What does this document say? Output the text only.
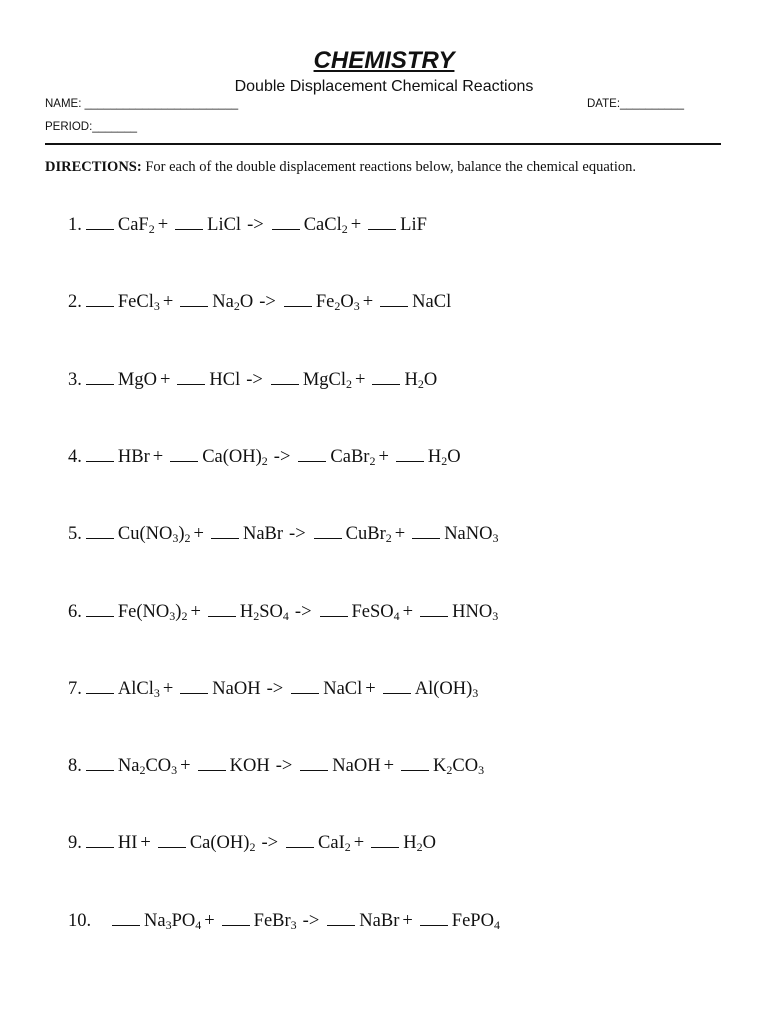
CHEMISTRY
Double Displacement Chemical Reactions
NAME: ________________________	DATE:__________
PERIOD:_______
DIRECTIONS: For each of the double displacement reactions below, balance the chemical equation.
1. CaF$_2$ + LiCl -> CaCl$_2$ + LiF
2. FeCl$_3$ + $Na_2O -> Fe_2O_3$ + NaCl
3. MgO + HCl -> MgCl$_2$ + $H_2O$
4. HBr + $Ca(OH)_2$ -> CaBr$_2$ + $H_2O$
5. $Cu(NO_3)_2$ + NaBr -> CuBr$_2$ + NaNO$_3$
6. $Fe(NO_3)_2 + H_2SO_4$ -> FeSO$_4$ + $HNO_3$
7. AlCl$_3$ + NaOH -> NaCl + $Al(OH)_3$
8. $Na_2CO_3$ + KOH -> NaOH + $K_2CO_3$
9. HI + $Ca(OH)_2 -> CaI_2 + H_2O$
10.	$Na_3PO_4$ + FeBr$_3$ -> NaBr + FePO$_4$
